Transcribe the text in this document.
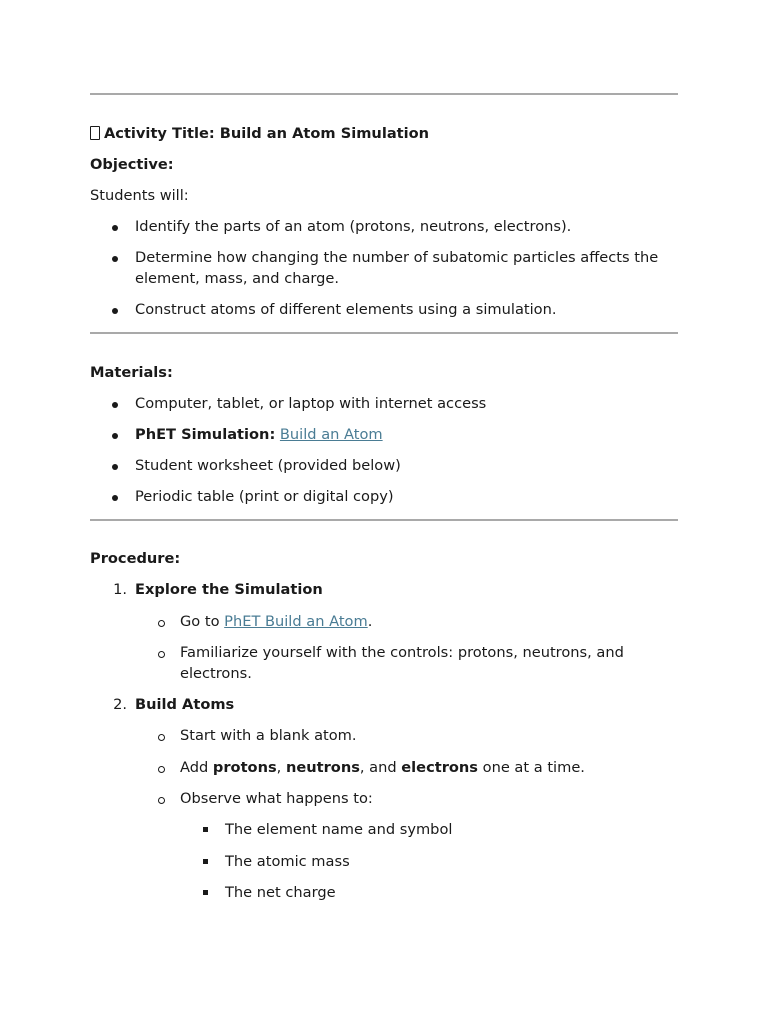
Activity Title: Build an Atom Simulation
Objective:
Students will:
Identify the parts of an atom (protons, neutrons, electrons).
Determine how changing the number of subatomic particles affects the
element, mass, and charge.
Construct atoms of different elements using a simulation.
Materials:
Computer, tablet, or laptop with internet access
PhET Simulation: Build an Atom
Student worksheet (provided below)
Periodic table (print or digital copy)
Procedure:
1. Explore the Simulation
Go to PhET Build an Atom.
Familiarize yourself with the controls: protons, neutrons, and
electrons.
2. Build Atoms
Start with a blank atom.
Add protons, neutrons, and electrons one at a time.
Observe what happens to:
The element name and symbol
The atomic mass
The net charge
